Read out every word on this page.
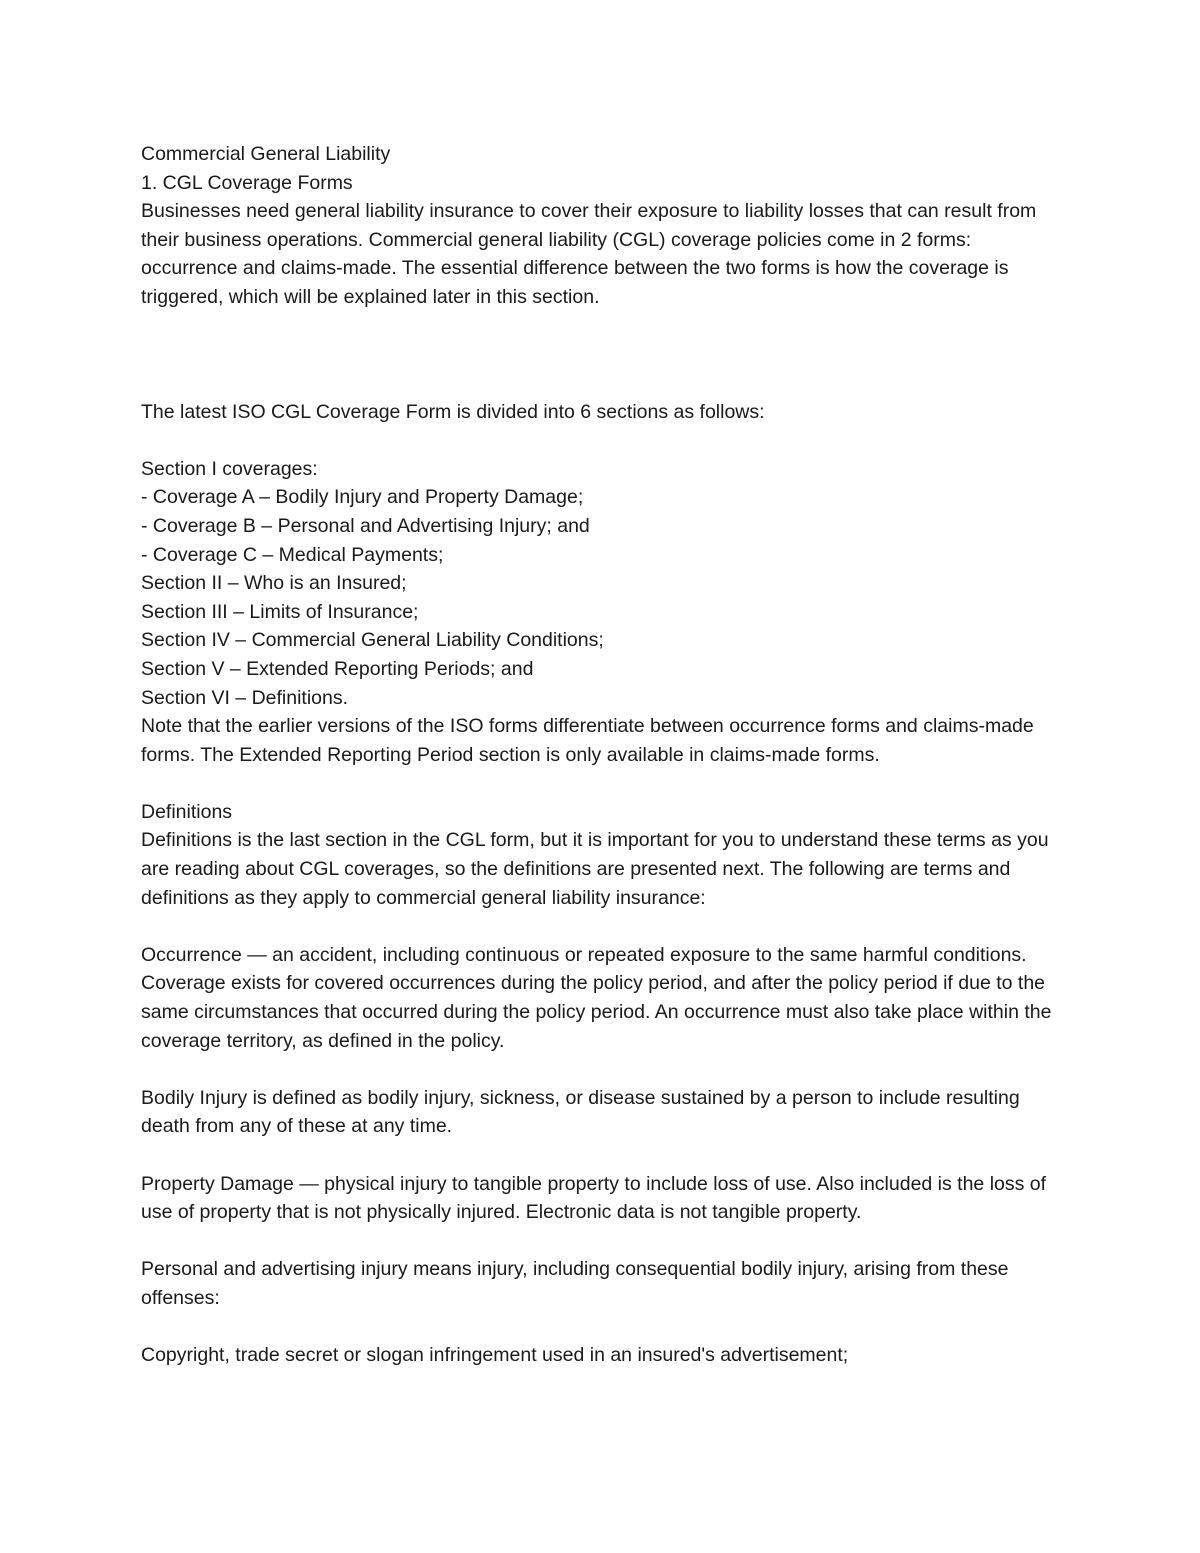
Commercial General Liability
1. CGL Coverage Forms
Businesses need general liability insurance to cover their exposure to liability losses that can result from their business operations. Commercial general liability (CGL) coverage policies come in 2 forms: occurrence and claims-made. The essential difference between the two forms is how the coverage is triggered, which will be explained later in this section.
The latest ISO CGL Coverage Form is divided into 6 sections as follows:
Section I coverages:
- Coverage A – Bodily Injury and Property Damage;
- Coverage B – Personal and Advertising Injury; and
- Coverage C – Medical Payments;
Section II – Who is an Insured;
Section III – Limits of Insurance;
Section IV – Commercial General Liability Conditions;
Section V – Extended Reporting Periods; and
Section VI – Definitions.
Note that the earlier versions of the ISO forms differentiate between occurrence forms and claims-made forms. The Extended Reporting Period section is only available in claims-made forms.
Definitions
Definitions is the last section in the CGL form, but it is important for you to understand these terms as you are reading about CGL coverages, so the definitions are presented next. The following are terms and definitions as they apply to commercial general liability insurance:
Occurrence — an accident, including continuous or repeated exposure to the same harmful conditions. Coverage exists for covered occurrences during the policy period, and after the policy period if due to the same circumstances that occurred during the policy period. An occurrence must also take place within the coverage territory, as defined in the policy.
Bodily Injury is defined as bodily injury, sickness, or disease sustained by a person to include resulting death from any of these at any time.
Property Damage — physical injury to tangible property to include loss of use. Also included is the loss of use of property that is not physically injured. Electronic data is not tangible property.
Personal and advertising injury means injury, including consequential bodily injury, arising from these offenses:
Copyright, trade secret or slogan infringement used in an insured's advertisement;
